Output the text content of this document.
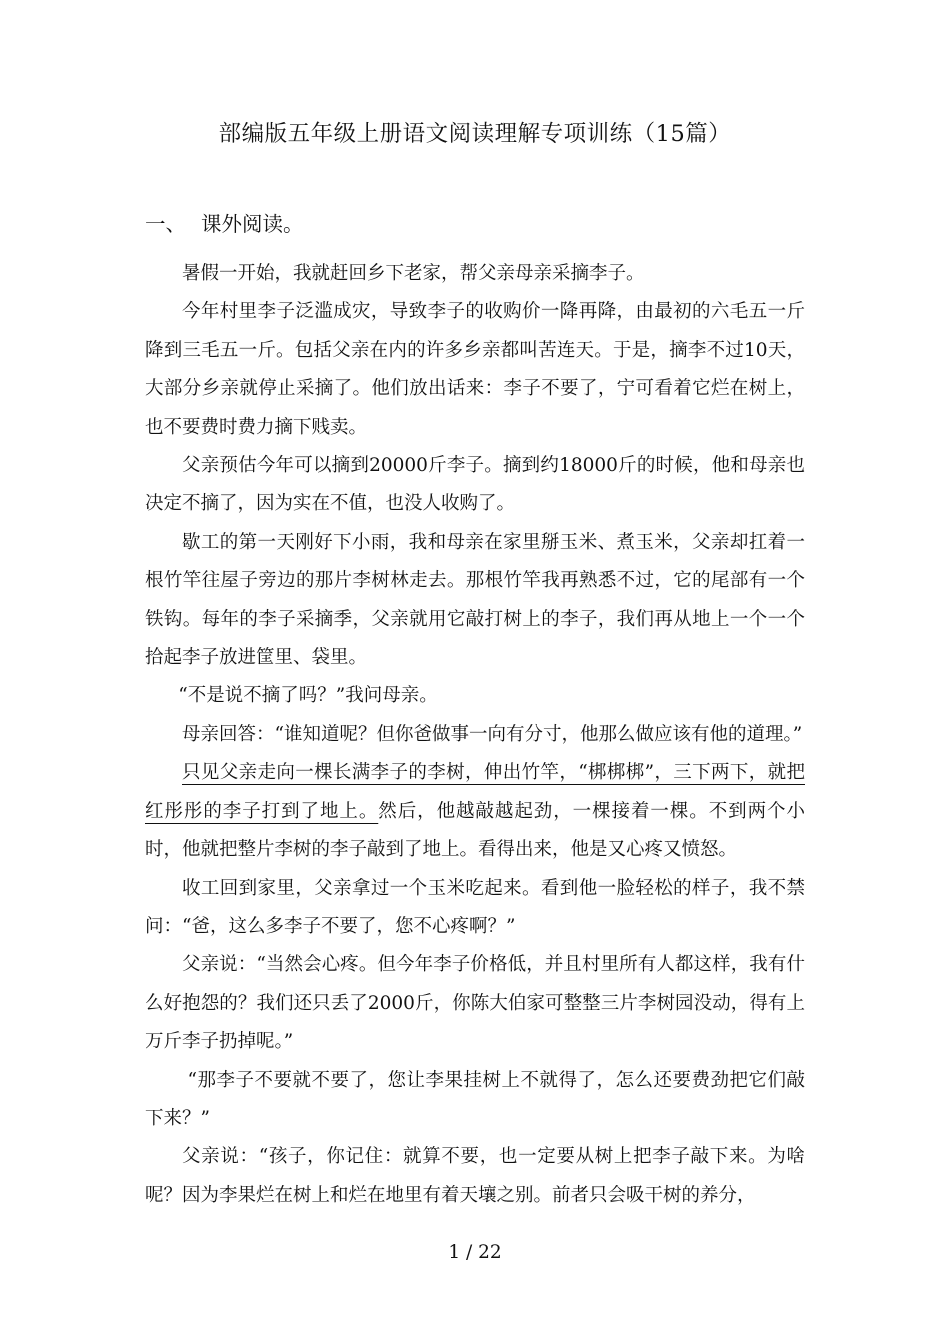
部编版五年级上册语文阅读理解专项训练（15篇）
一、 课外阅读。

暑假一开始，我就赶回乡下老家，帮父亲母亲采摘李子。

今年村里李子泛滥成灾，导致李子的收购价一降再降，由最初的六毛五一斤降到三毛五一斤。包括父亲在内的许多乡亲都叫苦连天。于是，摘李不过10天，大部分乡亲就停止采摘了。他们放出话来：李子不要了，宁可看着它烂在树上，也不要费时费力摘下贱卖。

父亲预估今年可以摘到20000斤李子。摘到约18000斤的时候，他和母亲也决定不摘了，因为实在不值，也没人收购了。

歇工的第一天刚好下小雨，我和母亲在家里掰玉米、煮玉米，父亲却扛着一根竹竿往屋子旁边的那片李树林走去。那根竹竿我再熟悉不过，它的尾部有一个铁钩。每年的李子采摘季，父亲就用它敲打树上的李子，我们再从地上一个一个拾起李子放进筐里、袋里。

“不是说不摘了吗？”我问母亲。

母亲回答：“谁知道呢？但你爸做事一向有分寸，他那么做应该有他的道理。”

只见父亲走向一棵长满李子的李树，伸出竹竿，“梆梆梆”，三下两下，就把红彤彤的李子打到了地上。然后，他越敲越起劲，一棵接着一棵。不到两个小时，他就把整片李树的李子敲到了地上。看得出来，他是又心疼又愤怒。

收工回到家里，父亲拿过一个玉米吃起来。看到他一脸轻松的样子，我不禁问：“爸，这么多李子不要了，您不心疼啊？”

父亲说：“当然会心疼。但今年李子价格低，并且村里所有人都这样，我有什么好抱怨的？我们还只丢了2000斤，你陈大伯家可整整三片李树园没动，得有上万斤李子扔掉呢。”

“那李子不要就不要了，您让李果挂树上不就得了，怎么还要费劲把它们敲下来？”

父亲说：“孩子，你记住：就算不要，也一定要从树上把李子敲下来。为啥呢？因为李果烂在树上和烂在地里有着天壤之别。前者只会吸干树的养分，

1 / 22
